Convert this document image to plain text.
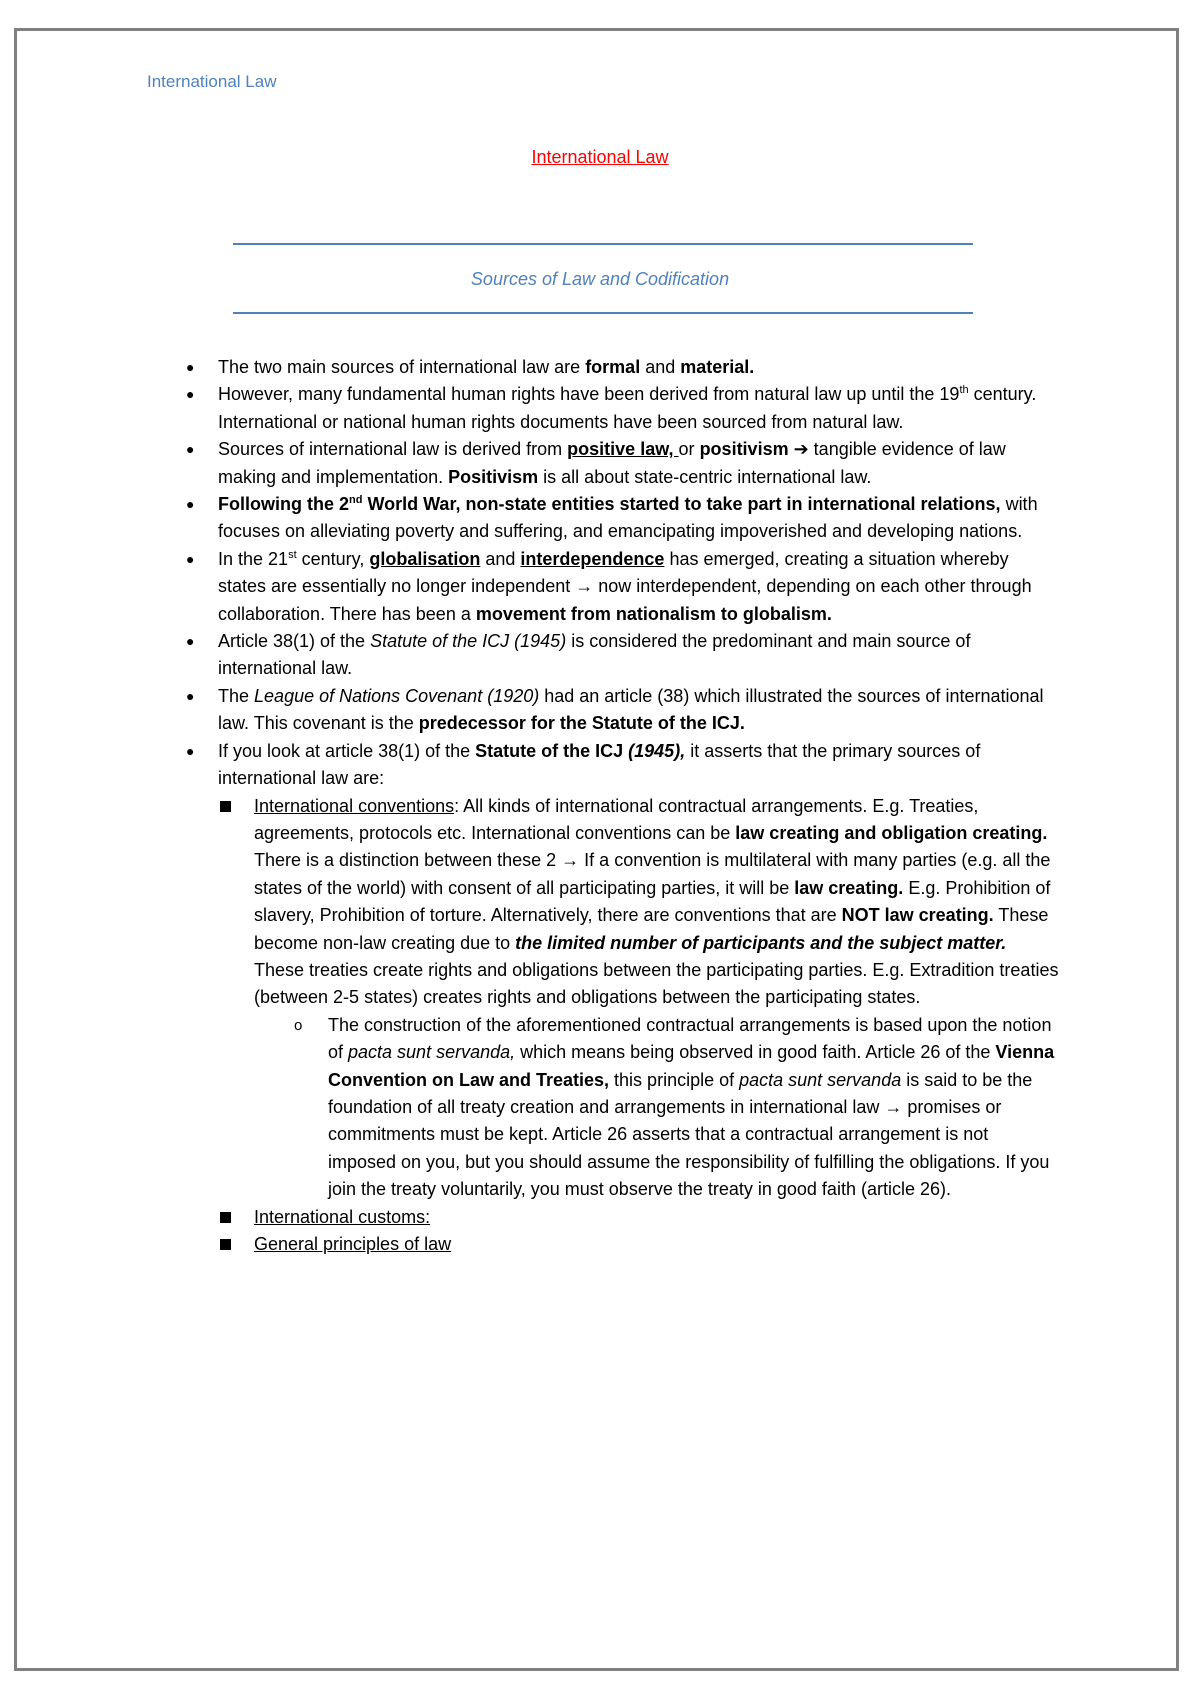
International Law
International Law
Sources of Law and Codification
● The two main sources of international law are formal and material.
● However, many fundamental human rights have been derived from natural law up until the 19th century. International or national human rights documents have been sourced from natural law.
● Sources of international law is derived from positive law, or positivism ➔ tangible evidence of law making and implementation. Positivism is all about state-centric international law.
● Following the 2nd World War, non-state entities started to take part in international relations, with focuses on alleviating poverty and suffering, and emancipating impoverished and developing nations.
● In the 21st century, globalisation and interdependence has emerged, creating a situation whereby states are essentially no longer independent → now interdependent, depending on each other through collaboration. There has been a movement from nationalism to globalism.
● Article 38(1) of the Statute of the ICJ (1945) is considered the predominant and main source of international law.
● The League of Nations Covenant (1920) had an article (38) which illustrated the sources of international law. This covenant is the predecessor for the Statute of the ICJ.
● If you look at article 38(1) of the Statute of the ICJ (1945), it asserts that the primary sources of international law are:
International conventions: All kinds of international contractual arrangements. E.g. Treaties, agreements, protocols etc. International conventions can be law creating and obligation creating. There is a distinction between these 2 → If a convention is multilateral with many parties (e.g. all the states of the world) with consent of all participating parties, it will be law creating. E.g. Prohibition of slavery, Prohibition of torture. Alternatively, there are conventions that are NOT law creating. These become non-law creating due to the limited number of participants and the subject matter. These treaties create rights and obligations between the participating parties. E.g. Extradition treaties (between 2-5 states) creates rights and obligations between the participating states.
o The construction of the aforementioned contractual arrangements is based upon the notion of pacta sunt servanda, which means being observed in good faith. Article 26 of the Vienna Convention on Law and Treaties, this principle of pacta sunt servanda is said to be the foundation of all treaty creation and arrangements in international law → promises or commitments must be kept. Article 26 asserts that a contractual arrangement is not imposed on you, but you should assume the responsibility of fulfilling the obligations. If you join the treaty voluntarily, you must observe the treaty in good faith (article 26).
International customs:
General principles of law
